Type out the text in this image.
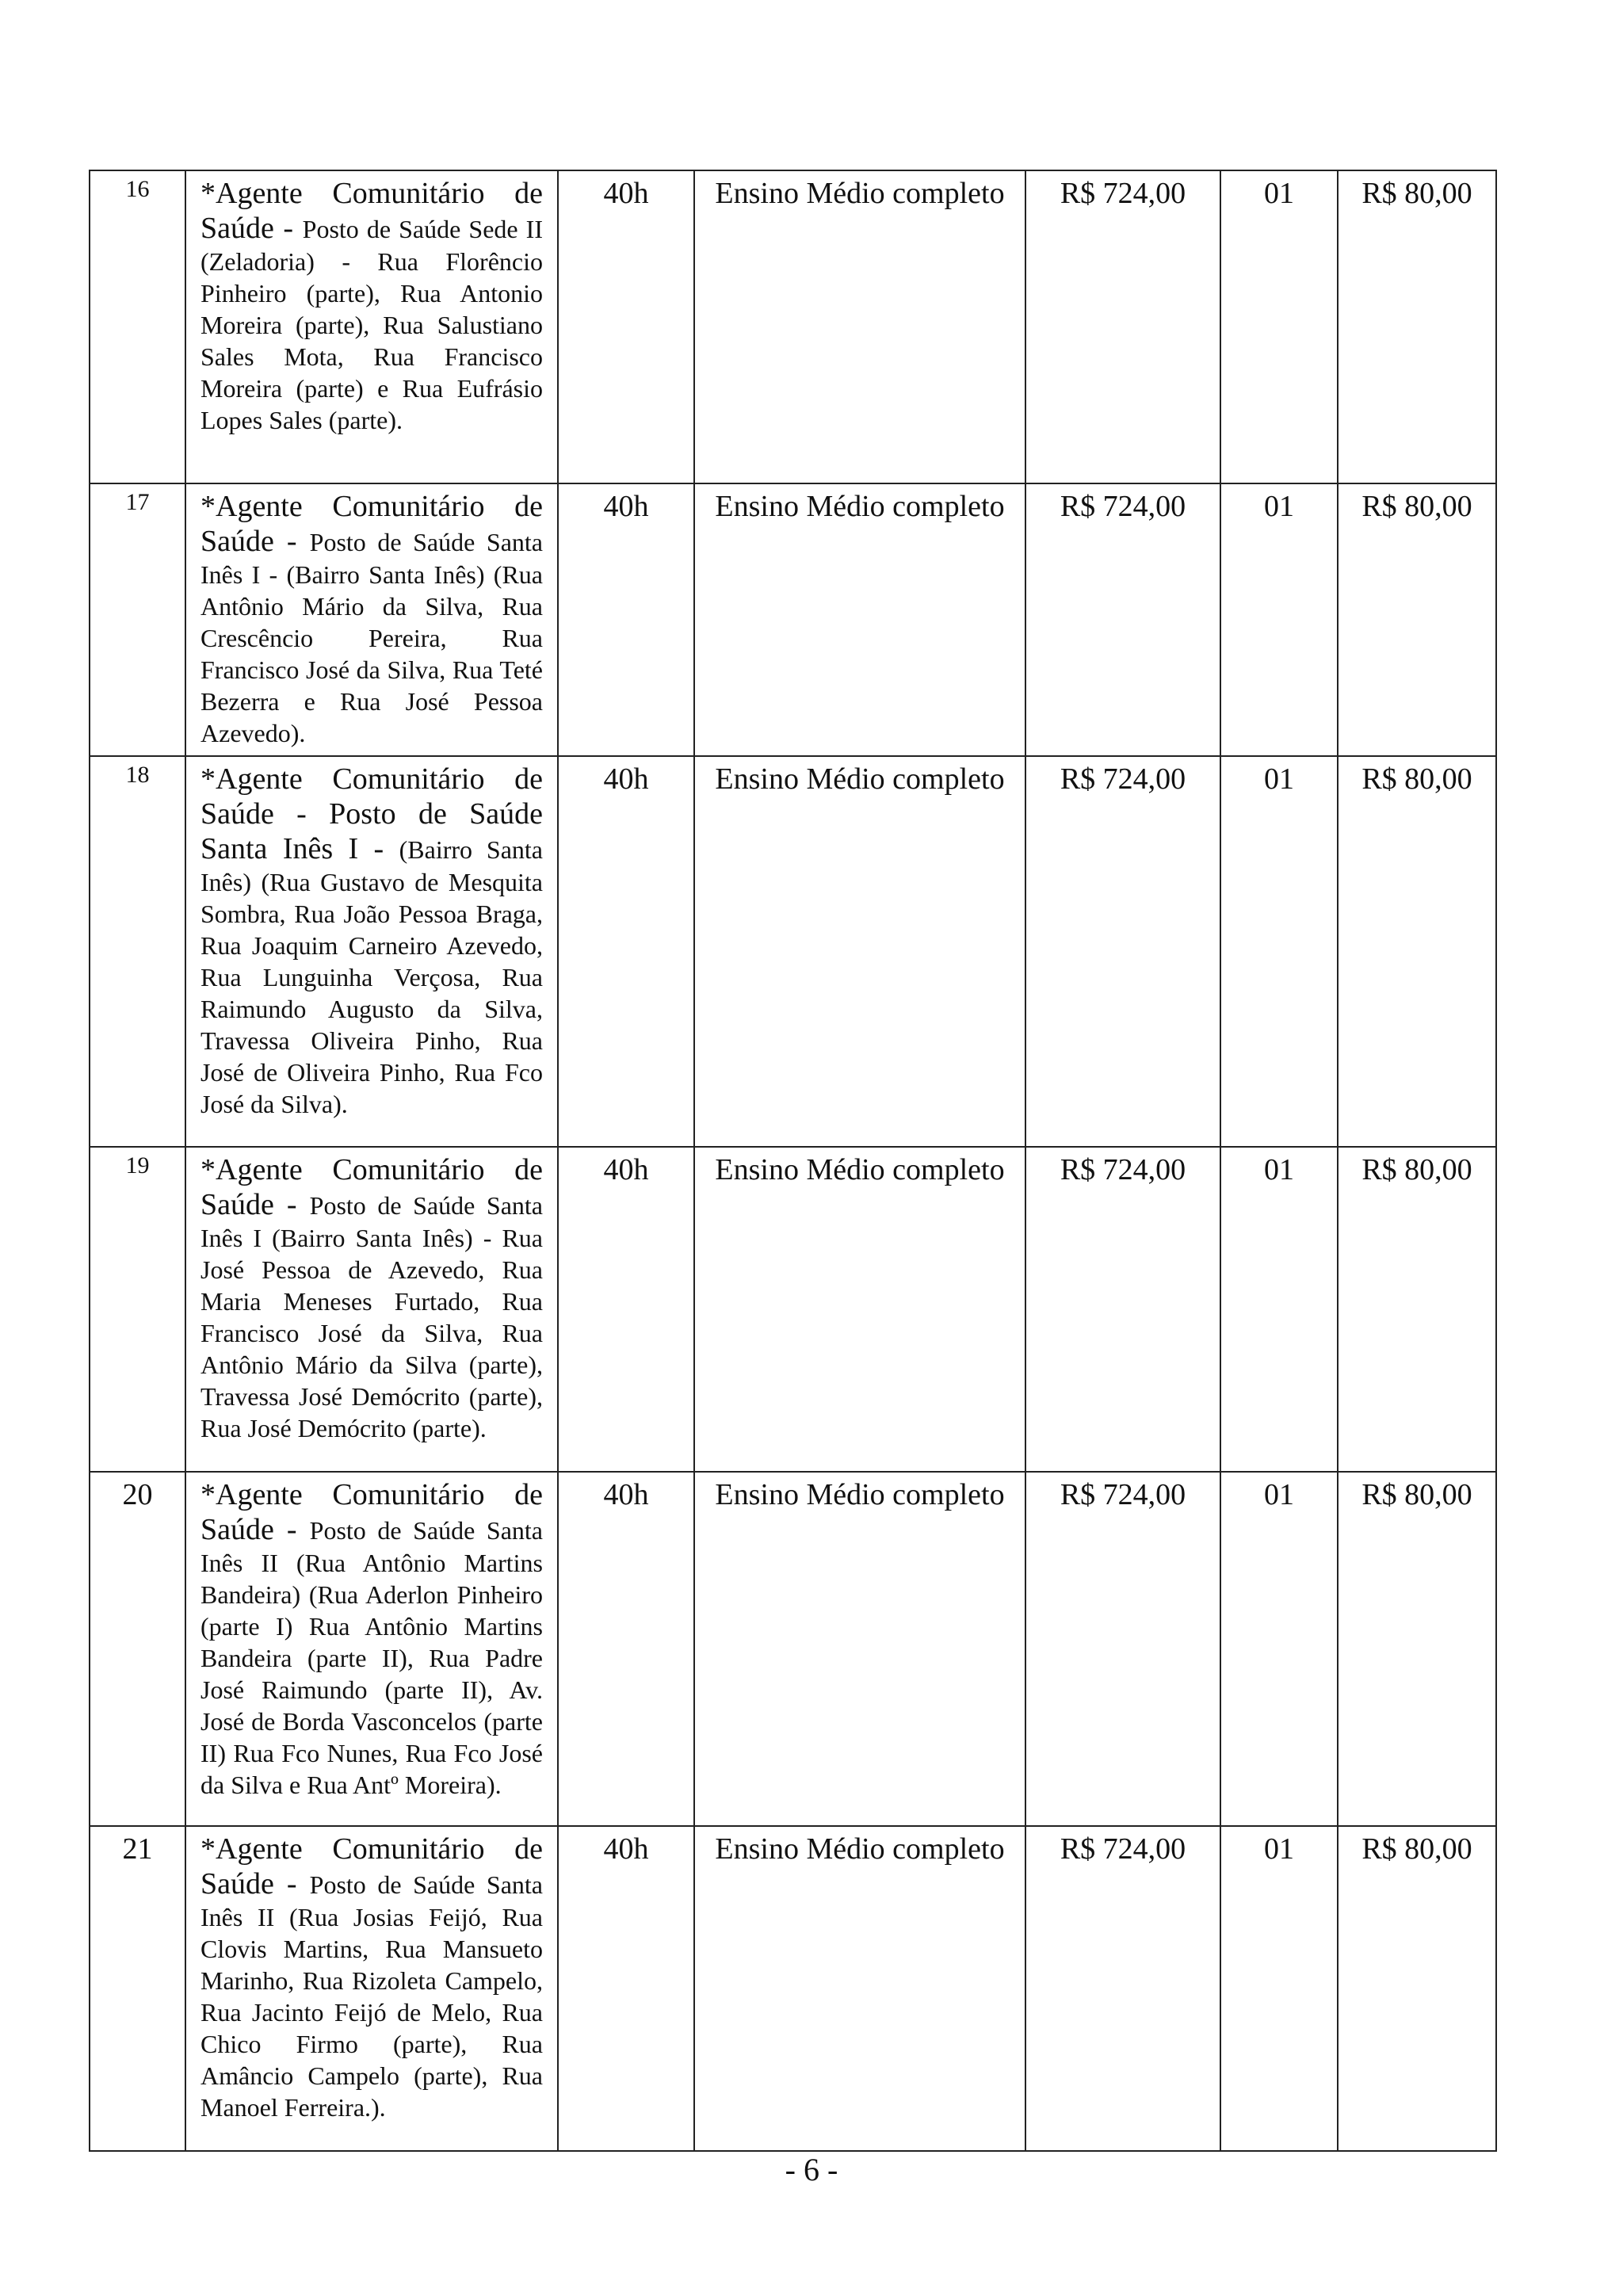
16	*Agente Comunitário de Saúde - Posto de Saúde Sede II (Zeladoria) - Rua Florêncio Pinheiro (parte), Rua Antonio Moreira (parte), Rua Salustiano Sales Mota, Rua Francisco Moreira (parte) e Rua Eufrásio Lopes Sales (parte).	40h	Ensino Médio completo	R$ 724,00	01	R$ 80,00
17	*Agente Comunitário de Saúde - Posto de Saúde Santa Inês I - (Bairro Santa Inês) (Rua Antônio Mário da Silva, Rua Crescêncio Pereira, Rua Francisco José da Silva, Rua Teté Bezerra e Rua José Pessoa Azevedo).	40h	Ensino Médio completo	R$ 724,00	01	R$ 80,00
18	*Agente Comunitário de Saúde - Posto de Saúde Santa Inês I - (Bairro Santa Inês) (Rua Gustavo de Mesquita Sombra, Rua João Pessoa Braga, Rua Joaquim Carneiro Azevedo, Rua Lunguinha Verçosa, Rua Raimundo Augusto da Silva, Travessa Oliveira Pinho, Rua José de Oliveira Pinho, Rua Fco José da Silva).	40h	Ensino Médio completo	R$ 724,00	01	R$ 80,00
19	*Agente Comunitário de Saúde - Posto de Saúde Santa Inês I (Bairro Santa Inês) - Rua José Pessoa de Azevedo, Rua Maria Meneses Furtado, Rua Francisco José da Silva, Rua Antônio Mário da Silva (parte), Travessa José Demócrito (parte), Rua José Demócrito (parte).	40h	Ensino Médio completo	R$ 724,00	01	R$ 80,00
20	*Agente Comunitário de Saúde - Posto de Saúde Santa Inês II (Rua Antônio Martins Bandeira) (Rua Aderlon Pinheiro (parte I) Rua Antônio Martins Bandeira (parte II), Rua Padre José Raimundo (parte II), Av. José de Borda Vasconcelos (parte II) Rua Fco Nunes, Rua Fco José da Silva e Rua Antº Moreira).	40h	Ensino Médio completo	R$ 724,00	01	R$ 80,00
21	*Agente Comunitário de Saúde - Posto de Saúde Santa Inês II (Rua Josias Feijó, Rua Clovis Martins, Rua Mansueto Marinho, Rua Rizoleta Campelo, Rua Jacinto Feijó de Melo, Rua Chico Firmo (parte), Rua Amâncio Campelo (parte), Rua Manoel Ferreira.).	40h	Ensino Médio completo	R$ 724,00	01	R$ 80,00
- 6 -
